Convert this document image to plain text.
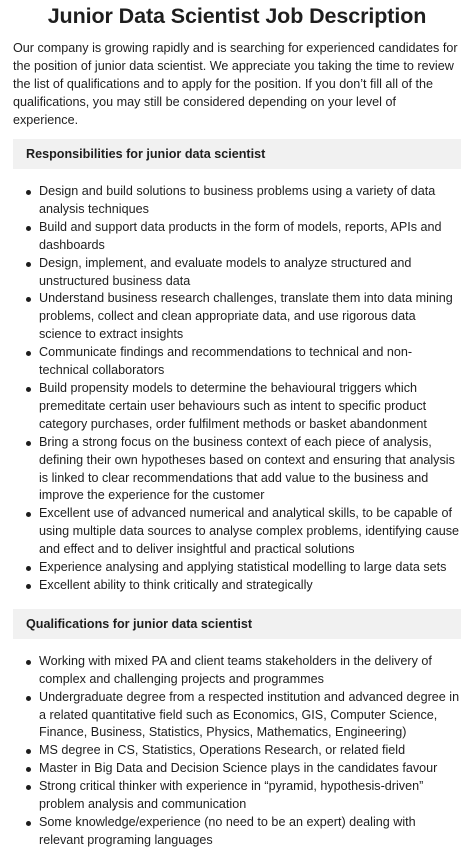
Junior Data Scientist Job Description

Our company is growing rapidly and is searching for experienced candidates for the position of junior data scientist. We appreciate you taking the time to review the list of qualifications and to apply for the position. If you don’t fill all of the qualifications, you may still be considered depending on your level of experience.

Responsibilities for junior data scientist
Design and build solutions to business problems using a variety of data analysis techniques
Build and support data products in the form of models, reports, APIs and dashboards
Design, implement, and evaluate models to analyze structured and unstructured business data
Understand business research challenges, translate them into data mining problems, collect and clean appropriate data, and use rigorous data science to extract insights
Communicate findings and recommendations to technical and non-technical collaborators
Build propensity models to determine the behavioural triggers which premeditate certain user behaviours such as intent to specific product category purchases, order fulfilment methods or basket abandonment
Bring a strong focus on the business context of each piece of analysis, defining their own hypotheses based on context and ensuring that analysis is linked to clear recommendations that add value to the business and improve the experience for the customer
Excellent use of advanced numerical and analytical skills, to be capable of using multiple data sources to analyse complex problems, identifying cause and effect and to deliver insightful and practical solutions
Experience analysing and applying statistical modelling to large data sets
Excellent ability to think critically and strategically
Qualifications for junior data scientist
Working with mixed PA and client teams stakeholders in the delivery of complex and challenging projects and programmes
Undergraduate degree from a respected institution and advanced degree in a related quantitative field such as Economics, GIS, Computer Science, Finance, Business, Statistics, Physics, Mathematics, Engineering)
MS degree in CS, Statistics, Operations Research, or related field
Master in Big Data and Decision Science plays in the candidates favour
Strong critical thinker with experience in “pyramid, hypothesis-driven” problem analysis and communication
Some knowledge/experience (no need to be an expert) dealing with relevant programing languages
